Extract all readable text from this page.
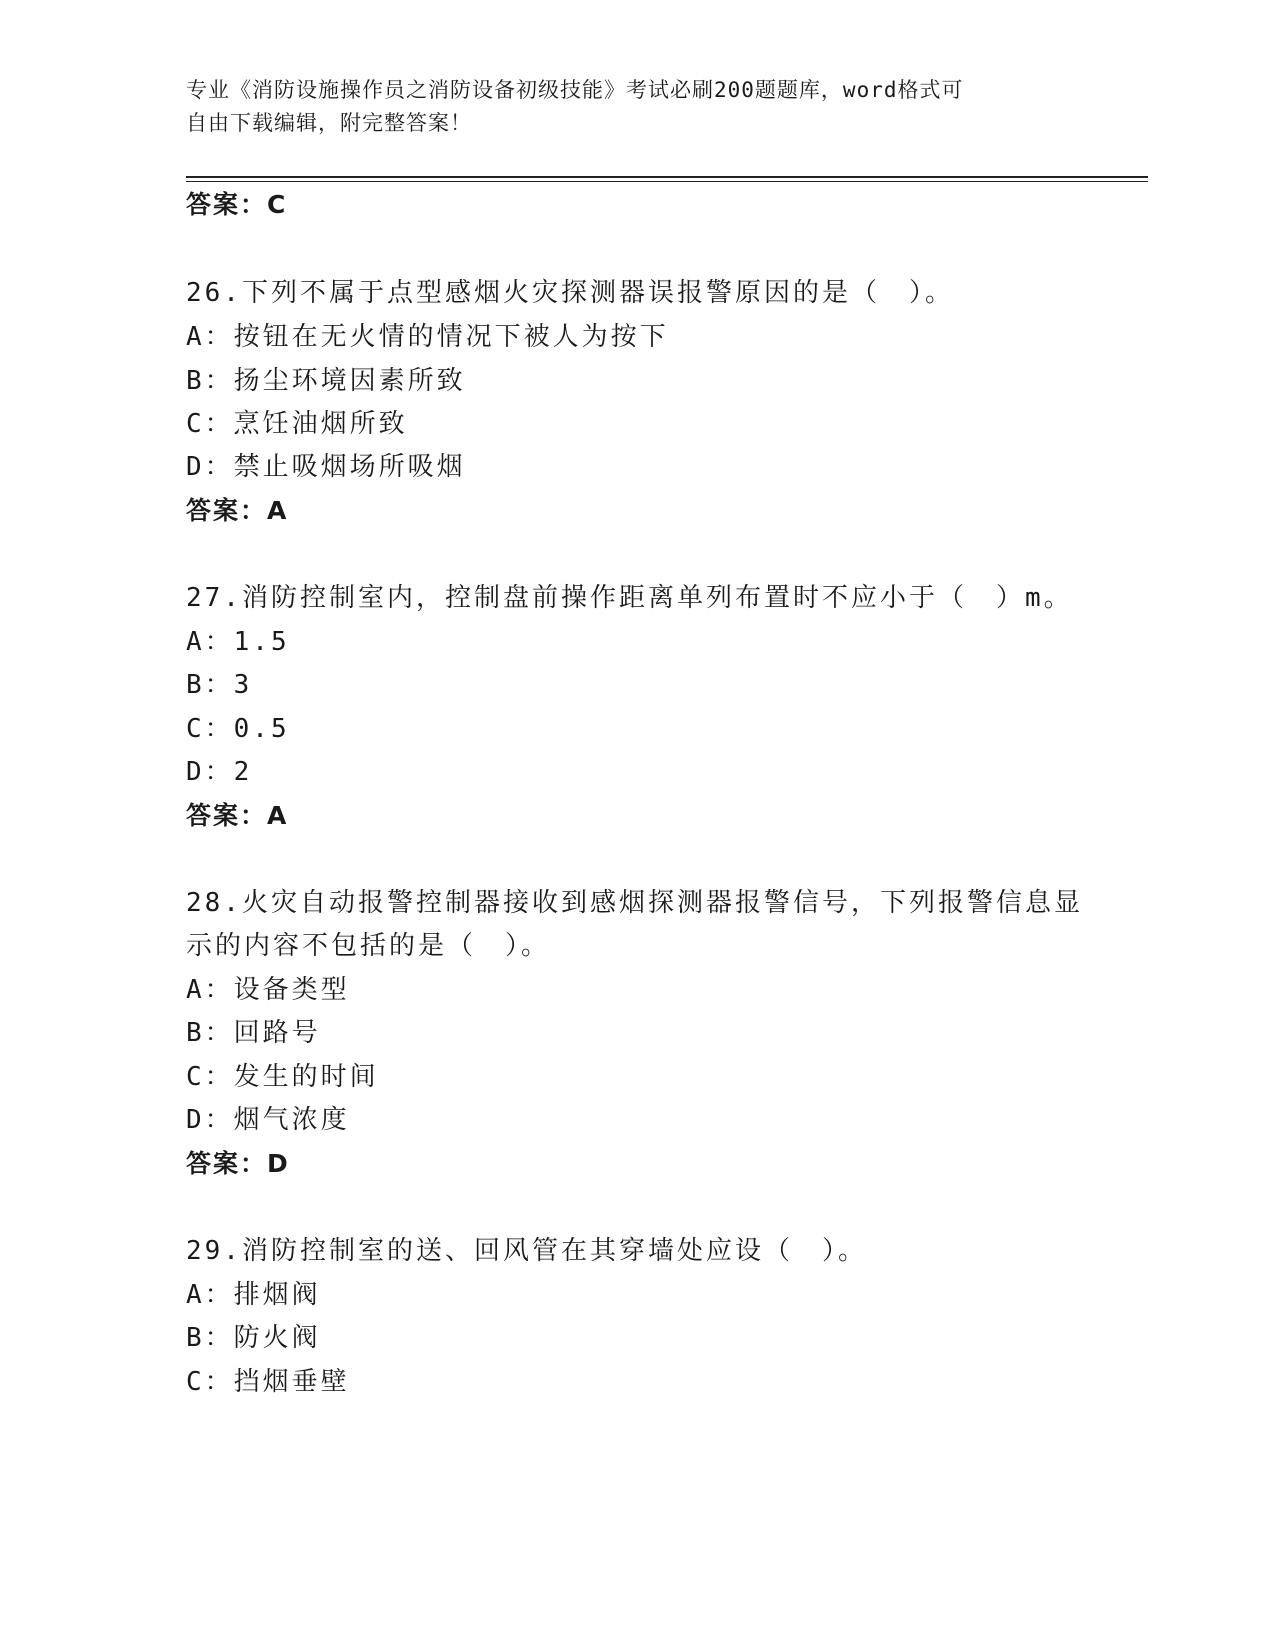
专业《消防设施操作员之消防设备初级技能》考试必刷200题题库，word格式可
自由下载编辑，附完整答案！
答案：C
26.下列不属于点型感烟火灾探测器误报警原因的是（　）。
A：按钮在无火情的情况下被人为按下
B：扬尘环境因素所致
C：烹饪油烟所致
D：禁止吸烟场所吸烟
答案：A
27.消防控制室内，控制盘前操作距离单列布置时不应小于（　）m。
A：1.5
B：3
C：0.5
D：2
答案：A
28.火灾自动报警控制器接收到感烟探测器报警信号，下列报警信息显
示的内容不包括的是（　）。
A：设备类型
B：回路号
C：发生的时间
D：烟气浓度
答案：D
29.消防控制室的送、回风管在其穿墙处应设（　）。
A：排烟阀
B：防火阀
C：挡烟垂壁
